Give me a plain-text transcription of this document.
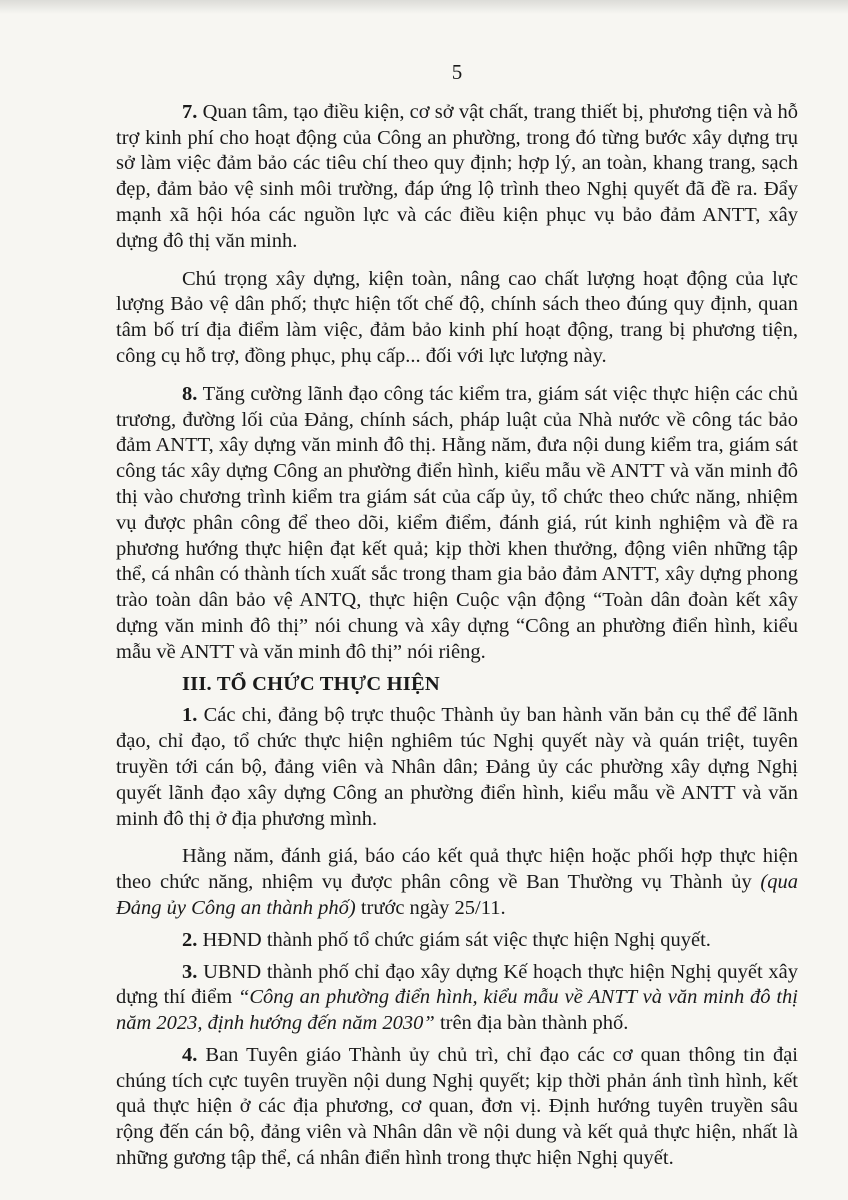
5

7. Quan tâm, tạo điều kiện, cơ sở vật chất, trang thiết bị, phương tiện và hỗ trợ kinh phí cho hoạt động của Công an phường, trong đó từng bước xây dựng trụ sở làm việc đảm bảo các tiêu chí theo quy định; hợp lý, an toàn, khang trang, sạch đẹp, đảm bảo vệ sinh môi trường, đáp ứng lộ trình theo Nghị quyết đã đề ra. Đẩy mạnh xã hội hóa các nguồn lực và các điều kiện phục vụ bảo đảm ANTT, xây dựng đô thị văn minh.

Chú trọng xây dựng, kiện toàn, nâng cao chất lượng hoạt động của lực lượng Bảo vệ dân phố; thực hiện tốt chế độ, chính sách theo đúng quy định, quan tâm bố trí địa điểm làm việc, đảm bảo kinh phí hoạt động, trang bị phương tiện, công cụ hỗ trợ, đồng phục, phụ cấp... đối với lực lượng này.

8. Tăng cường lãnh đạo công tác kiểm tra, giám sát việc thực hiện các chủ trương, đường lối của Đảng, chính sách, pháp luật của Nhà nước về công tác bảo đảm ANTT, xây dựng văn minh đô thị. Hằng năm, đưa nội dung kiểm tra, giám sát công tác xây dựng Công an phường điển hình, kiểu mẫu về ANTT và văn minh đô thị vào chương trình kiểm tra giám sát của cấp ủy, tổ chức theo chức năng, nhiệm vụ được phân công để theo dõi, kiểm điểm, đánh giá, rút kinh nghiệm và đề ra phương hướng thực hiện đạt kết quả; kịp thời khen thưởng, động viên những tập thể, cá nhân có thành tích xuất sắc trong tham gia bảo đảm ANTT, xây dựng phong trào toàn dân bảo vệ ANTQ, thực hiện Cuộc vận động “Toàn dân đoàn kết xây dựng văn minh đô thị” nói chung và xây dựng “Công an phường điển hình, kiểu mẫu về ANTT và văn minh đô thị” nói riêng.

III. TỔ CHỨC THỰC HIỆN

1. Các chi, đảng bộ trực thuộc Thành ủy ban hành văn bản cụ thể để lãnh đạo, chỉ đạo, tổ chức thực hiện nghiêm túc Nghị quyết này và quán triệt, tuyên truyền tới cán bộ, đảng viên và Nhân dân; Đảng ủy các phường xây dựng Nghị quyết lãnh đạo xây dựng Công an phường điển hình, kiểu mẫu về ANTT và văn minh đô thị ở địa phương mình.

Hằng năm, đánh giá, báo cáo kết quả thực hiện hoặc phối hợp thực hiện theo chức năng, nhiệm vụ được phân công về Ban Thường vụ Thành ủy (qua Đảng ủy Công an thành phố) trước ngày 25/11.

2. HĐND thành phố tổ chức giám sát việc thực hiện Nghị quyết.

3. UBND thành phố chỉ đạo xây dựng Kế hoạch thực hiện Nghị quyết xây dựng thí điểm “Công an phường điển hình, kiểu mẫu về ANTT và văn minh đô thị năm 2023, định hướng đến năm 2030” trên địa bàn thành phố.

4. Ban Tuyên giáo Thành ủy chủ trì, chỉ đạo các cơ quan thông tin đại chúng tích cực tuyên truyền nội dung Nghị quyết; kịp thời phản ánh tình hình, kết quả thực hiện ở các địa phương, cơ quan, đơn vị. Định hướng tuyên truyền sâu rộng đến cán bộ, đảng viên và Nhân dân về nội dung và kết quả thực hiện, nhất là những gương tập thể, cá nhân điển hình trong thực hiện Nghị quyết.
